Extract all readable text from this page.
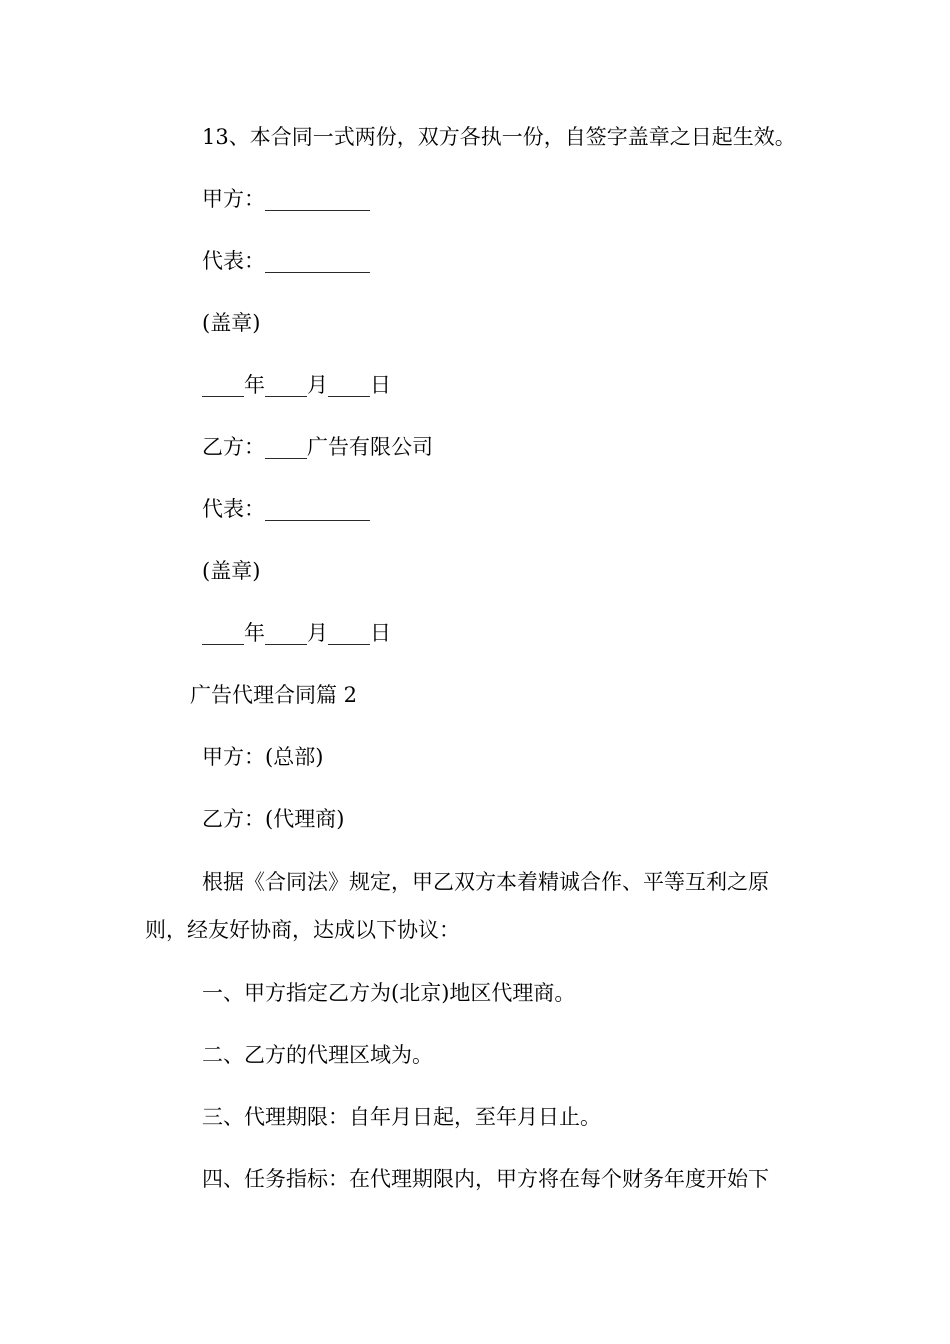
13、本合同一式两份，双方各执一份，自签字盖章之日起生效。
甲方：__________
代表：__________
(盖章)
____年____月____日
乙方：____广告有限公司
代表：__________
(盖章)
____年____月____日
广告代理合同篇 2
甲方：(总部)
乙方：(代理商)
根据《合同法》规定，甲乙双方本着精诚合作、平等互利之原
则，经友好协商，达成以下协议：
一、甲方指定乙方为(北京)地区代理商。
二、乙方的代理区域为。
三、代理期限：自年月日起，至年月日止。
四、任务指标：在代理期限内，甲方将在每个财务年度开始下
